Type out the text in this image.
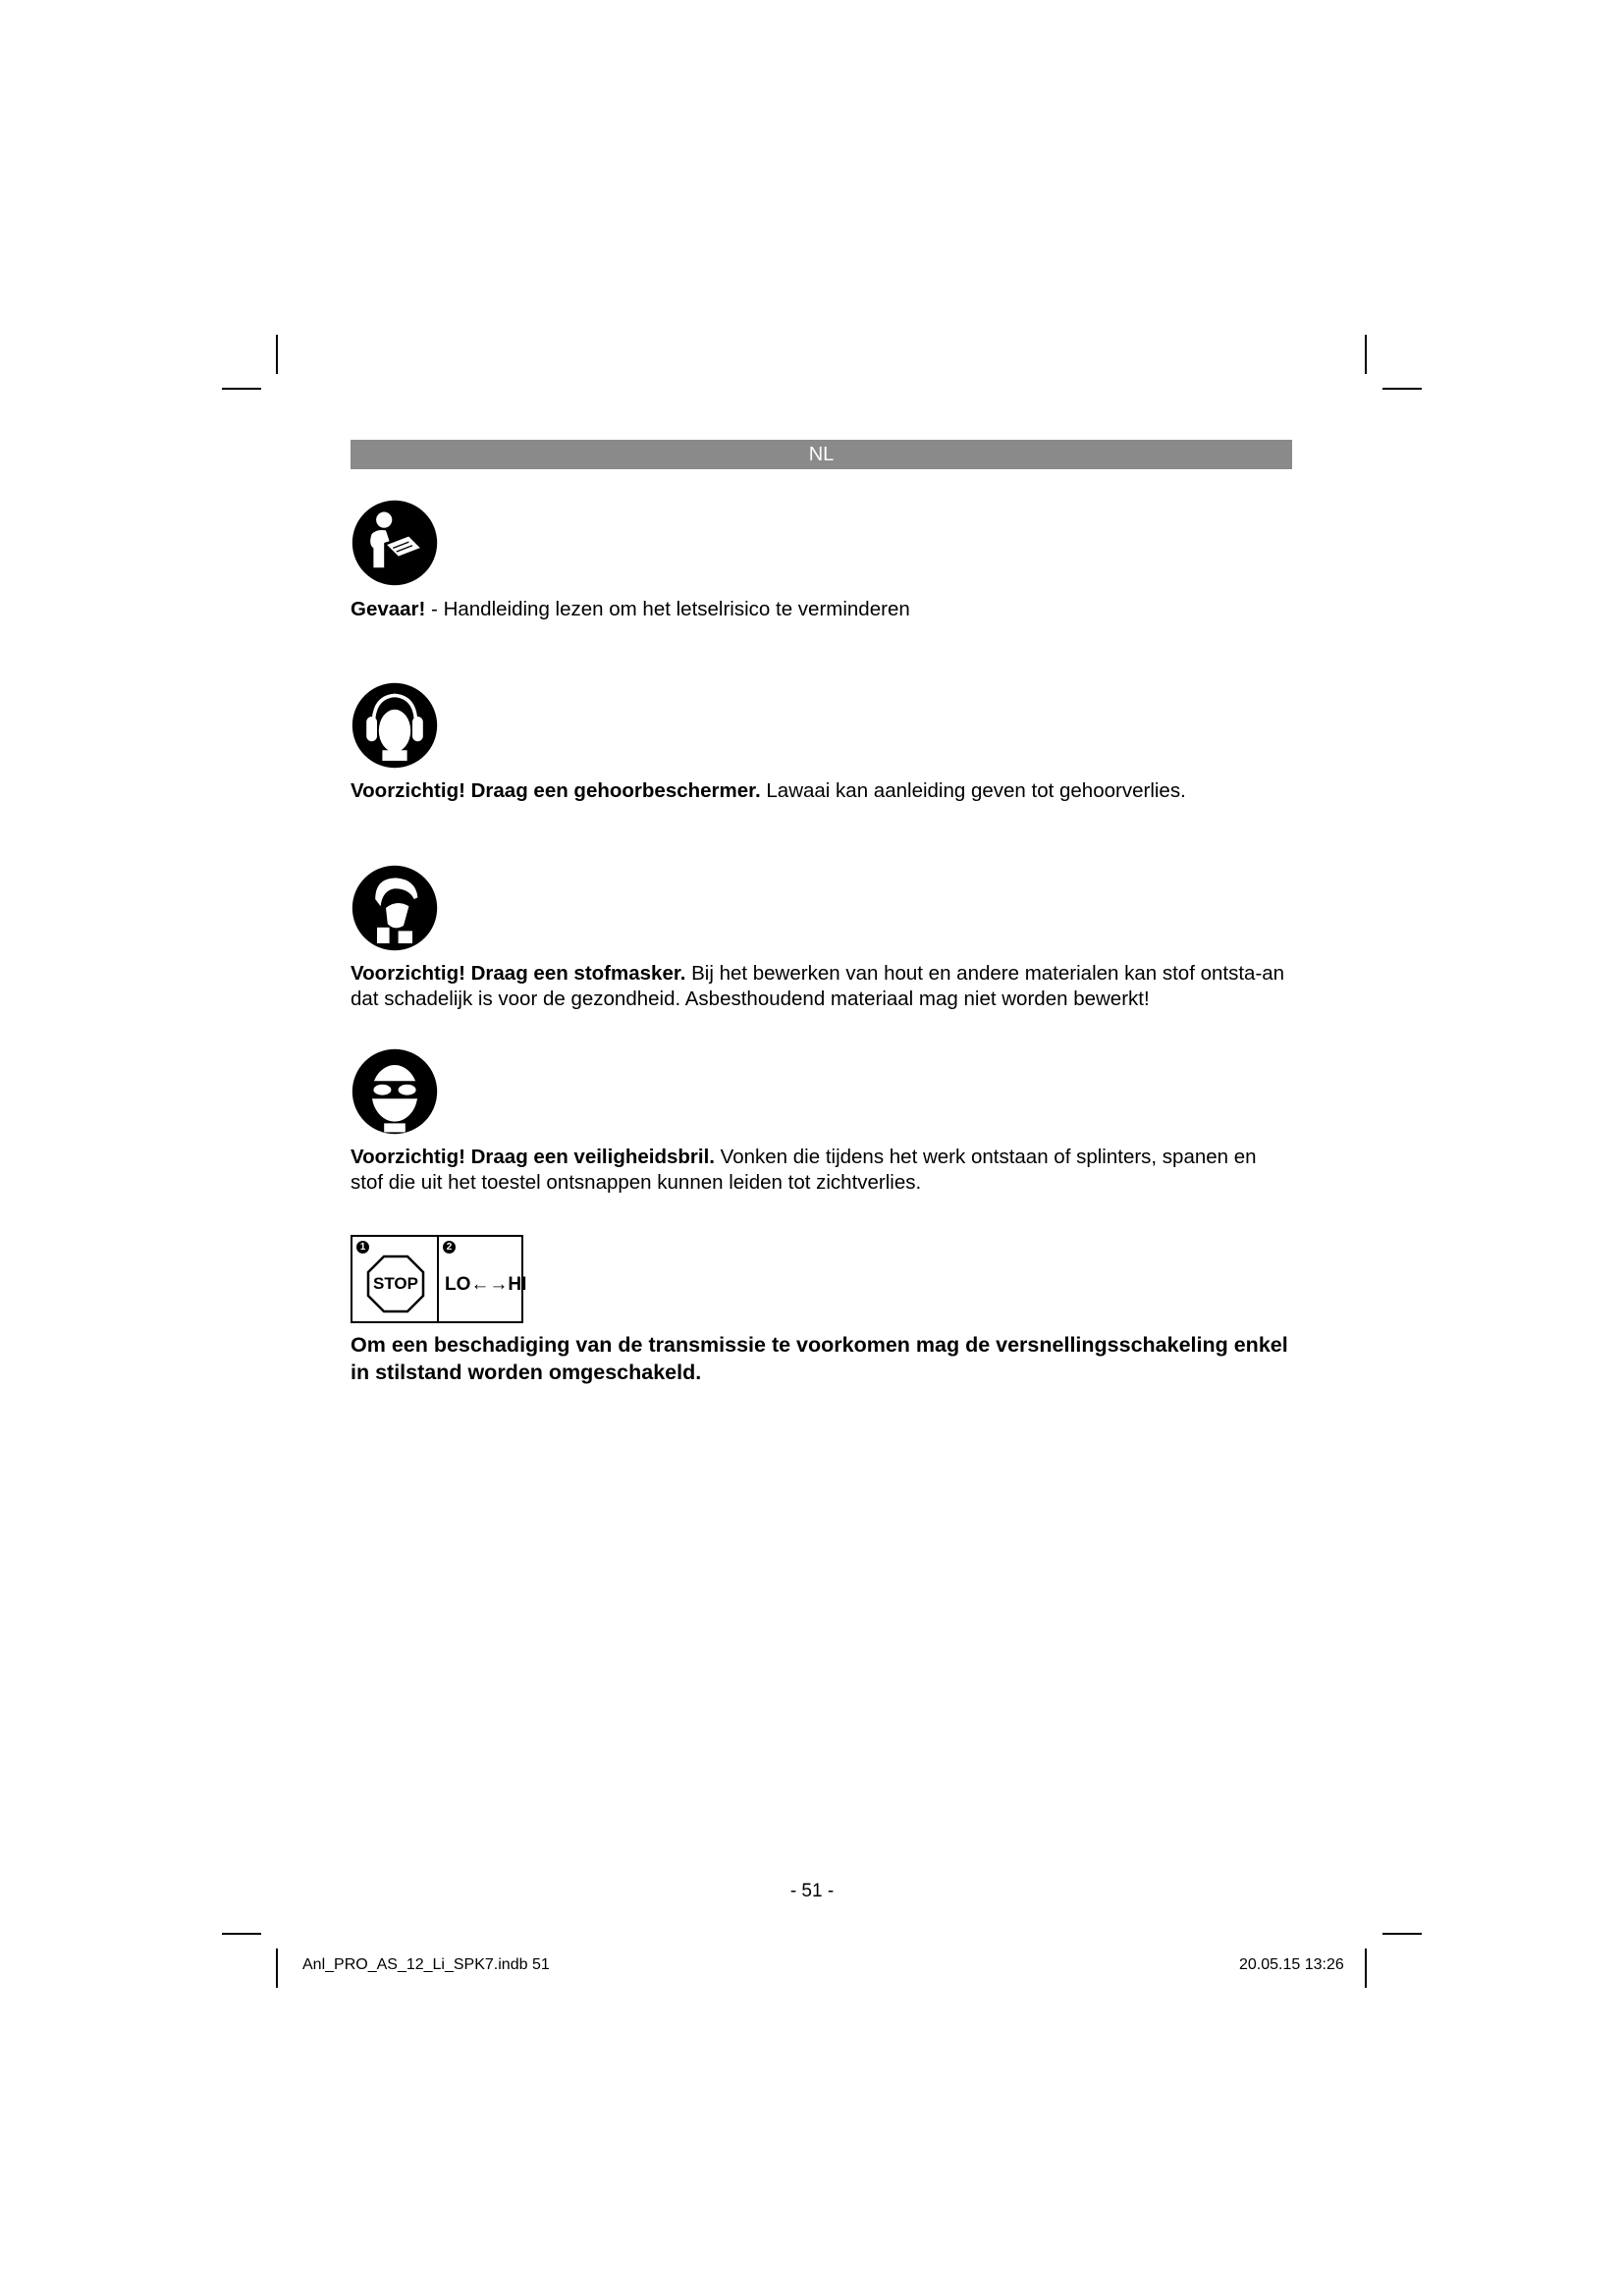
NL
Gevaar! - Handleiding lezen om het letselrisico te verminderen
Voorzichtig! Draag een gehoorbeschermer. Lawaai kan aanleiding geven tot gehoorverlies.
Voorzichtig! Draag een stofmasker. Bij het bewerken van hout en andere materialen kan stof ontsta-an dat schadelijk is voor de gezondheid. Asbesthoudend materiaal mag niet worden bewerkt!
Voorzichtig! Draag een veiligheidsbril. Vonken die tijdens het werk ontstaan of splinters, spanen en stof die uit het toestel ontsnappen kunnen leiden tot zichtverlies.
1
STOP
2
LO←→HI
Om een beschadiging van de transmissie te voorkomen mag de versnellingsschakeling enkel in stilstand worden omgeschakeld.
- 51 -
Anl_PRO_AS_12_Li_SPK7.indb 51	20.05.15 13:26
